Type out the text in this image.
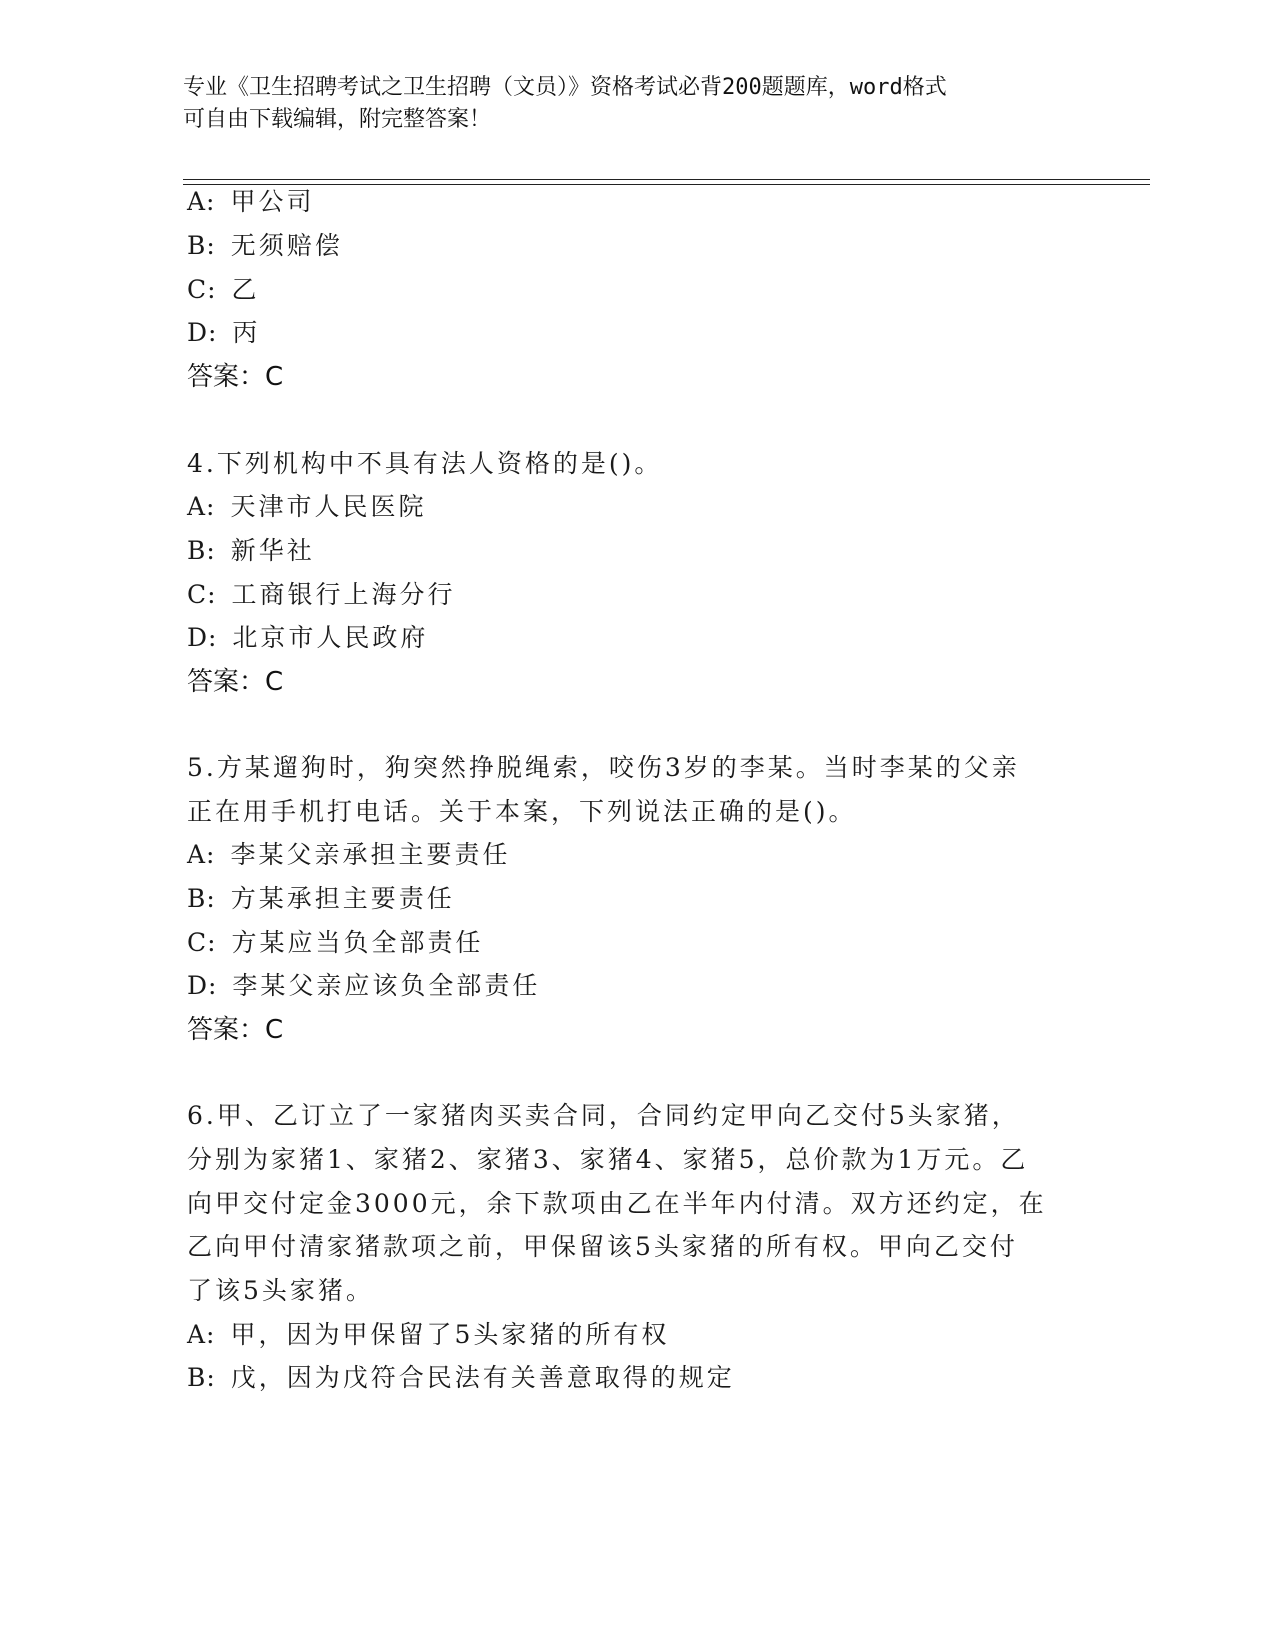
专业《卫生招聘考试之卫生招聘（文员）》资格考试必背200题题库，word格式
可自由下载编辑，附完整答案！
A: 甲公司
B: 无须赔偿
C: 乙
D: 丙
答案：C
4.下列机构中不具有法人资格的是()。
A: 天津市人民医院
B: 新华社
C: 工商银行上海分行
D: 北京市人民政府
答案：C
5.方某遛狗时，狗突然挣脱绳索，咬伤3岁的李某。当时李某的父亲
正在用手机打电话。关于本案，下列说法正确的是()。
A: 李某父亲承担主要责任
B: 方某承担主要责任
C: 方某应当负全部责任
D: 李某父亲应该负全部责任
答案：C
6.甲、乙订立了一家猪肉买卖合同，合同约定甲向乙交付5头家猪，
分别为家猪1、家猪2、家猪3、家猪4、家猪5，总价款为1万元。乙
向甲交付定金3000元，余下款项由乙在半年内付清。双方还约定，在
乙向甲付清家猪款项之前，甲保留该5头家猪的所有权。甲向乙交付
了该5头家猪。
A: 甲，因为甲保留了5头家猪的所有权
B: 戊，因为戊符合民法有关善意取得的规定
